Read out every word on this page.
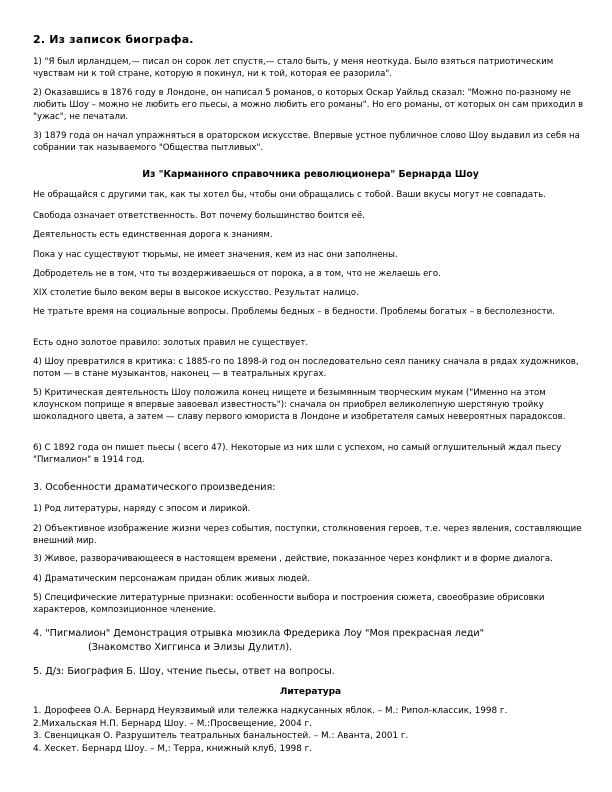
2. Из записок биографа.

1) "Я был ирландцем,— писал он сорок лет спустя,— стало быть, у меня неоткуда. Было взяться патриотическим чувствам ни к той стране, которую я покинул, ни к той, которая ее разорила".

2) Оказавшись в 1876 году в Лондоне, он написал 5 романов, о которых Оскар Уайльд сказал: "Можно по-разному не любить Шоу – можно не любить его пьесы, а можно любить его романы". Но его романы, от которых он сам приходил в "ужас", не печатали.

3) 1879 года он начал упражняться в ораторском искусстве. Впервые устное публичное слово Шоу выдавил из себя на собрании так называемого "Общества пытливых".

Из "Карманного справочника революционера" Бернарда Шоу

Не обращайся с другими так, как ты хотел бы, чтобы они обращались с тобой. Ваши вкусы могут не совпадать.

Свобода означает ответственность. Вот почему большинство боится её.

Деятельность есть единственная дорога к знаниям.

Пока у нас существуют тюрьмы, не имеет значения, кем из нас они заполнены.

Добродетель не в том, что ты воздерживаешься от порока, а в том, что не желаешь его.

XIX столетие было веком веры в высокое искусство. Результат налицо.

Не тратьте время на социальные вопросы. Проблемы бедных – в бедности. Проблемы богатых – в бесполезности.

Есть одно золотое правило: золотых правил не существует.

4) Шоу превратился в критика: с 1885-го по 1898-й год он последовательно сеял панику сначала в рядах художников, потом — в стане музыкантов, наконец — в театральных кругах.

5) Критическая деятельность Шоу положила конец нищете и безымянным творческим мукам ("Именно на этом клоунском поприще я впервые завоевал известность"): сначала он приобрел великолепную шерстяную тройку шоколадного цвета, а затем — славу первого юмориста в Лондоне и изобретателя самых невероятных парадоксов.

6) С 1892 года он пишет пьесы ( всего 47). Некоторые из них шли с успехом, но самый оглушительный ждал пьесу "Пигмалион" в 1914 год.

3. Особенности драматического произведения:

1) Род литературы, наряду с эпосом и лирикой.

2) Объективное изображение жизни через события, поступки, столкновения героев, т.е. через явления, составляющие внешний мир.

3) Живое, разворачивающееся в настоящем времени , действие, показанное через конфликт и в форме диалога.

4) Драматическим персонажам придан облик живых людей.

5) Специфические литературные признаки: особенности выбора и построения сюжета, своеобразие обрисовки характеров, композиционное членение.

4. "Пигмалион" Демонстрация отрывка мюзикла Фредерика Лоу "Моя прекрасная леди"

(Знакомство Хиггинса и Элизы Дулитл).

5. Д/з: Биография Б. Шоу, чтение пьесы, ответ на вопросы.

Литература

1. Дорофеев О.А. Бернард Неуязвимый или тележка надкусанных яблок. – М.: Рипол-классик, 1998 г.

2.Михальская Н.П. Бернард Шоу. – М.:Просвещение, 2004 г.

3. Свенцицкая О. Разрушитель театральных банальностей. – М.: Аванта, 2001 г.

4. Хескет. Бернард Шоу. – М,: Терра, книжный клуб, 1998 г.
